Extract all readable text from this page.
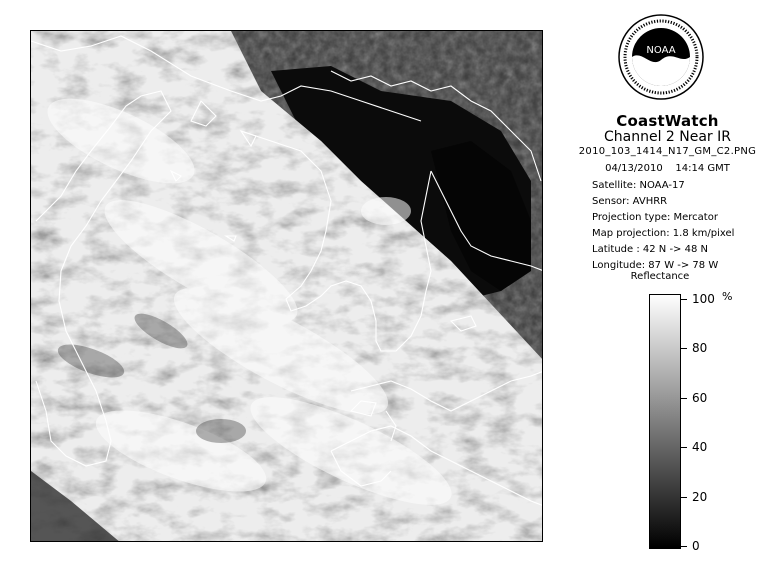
NOAA
CoastWatch
Channel 2 Near IR
2010_103_1414_N17_GM_C2.PNG
04/13/2010    14:14 GMT
Satellite: NOAA-17
Sensor: AVHRR
Projection type: Mercator
Map projection: 1.8 km/pixel
Latitude : 42 N -> 48 N
Longitude: 87 W -> 78 W
Reflectance
%
100
80
60
40
20
0
